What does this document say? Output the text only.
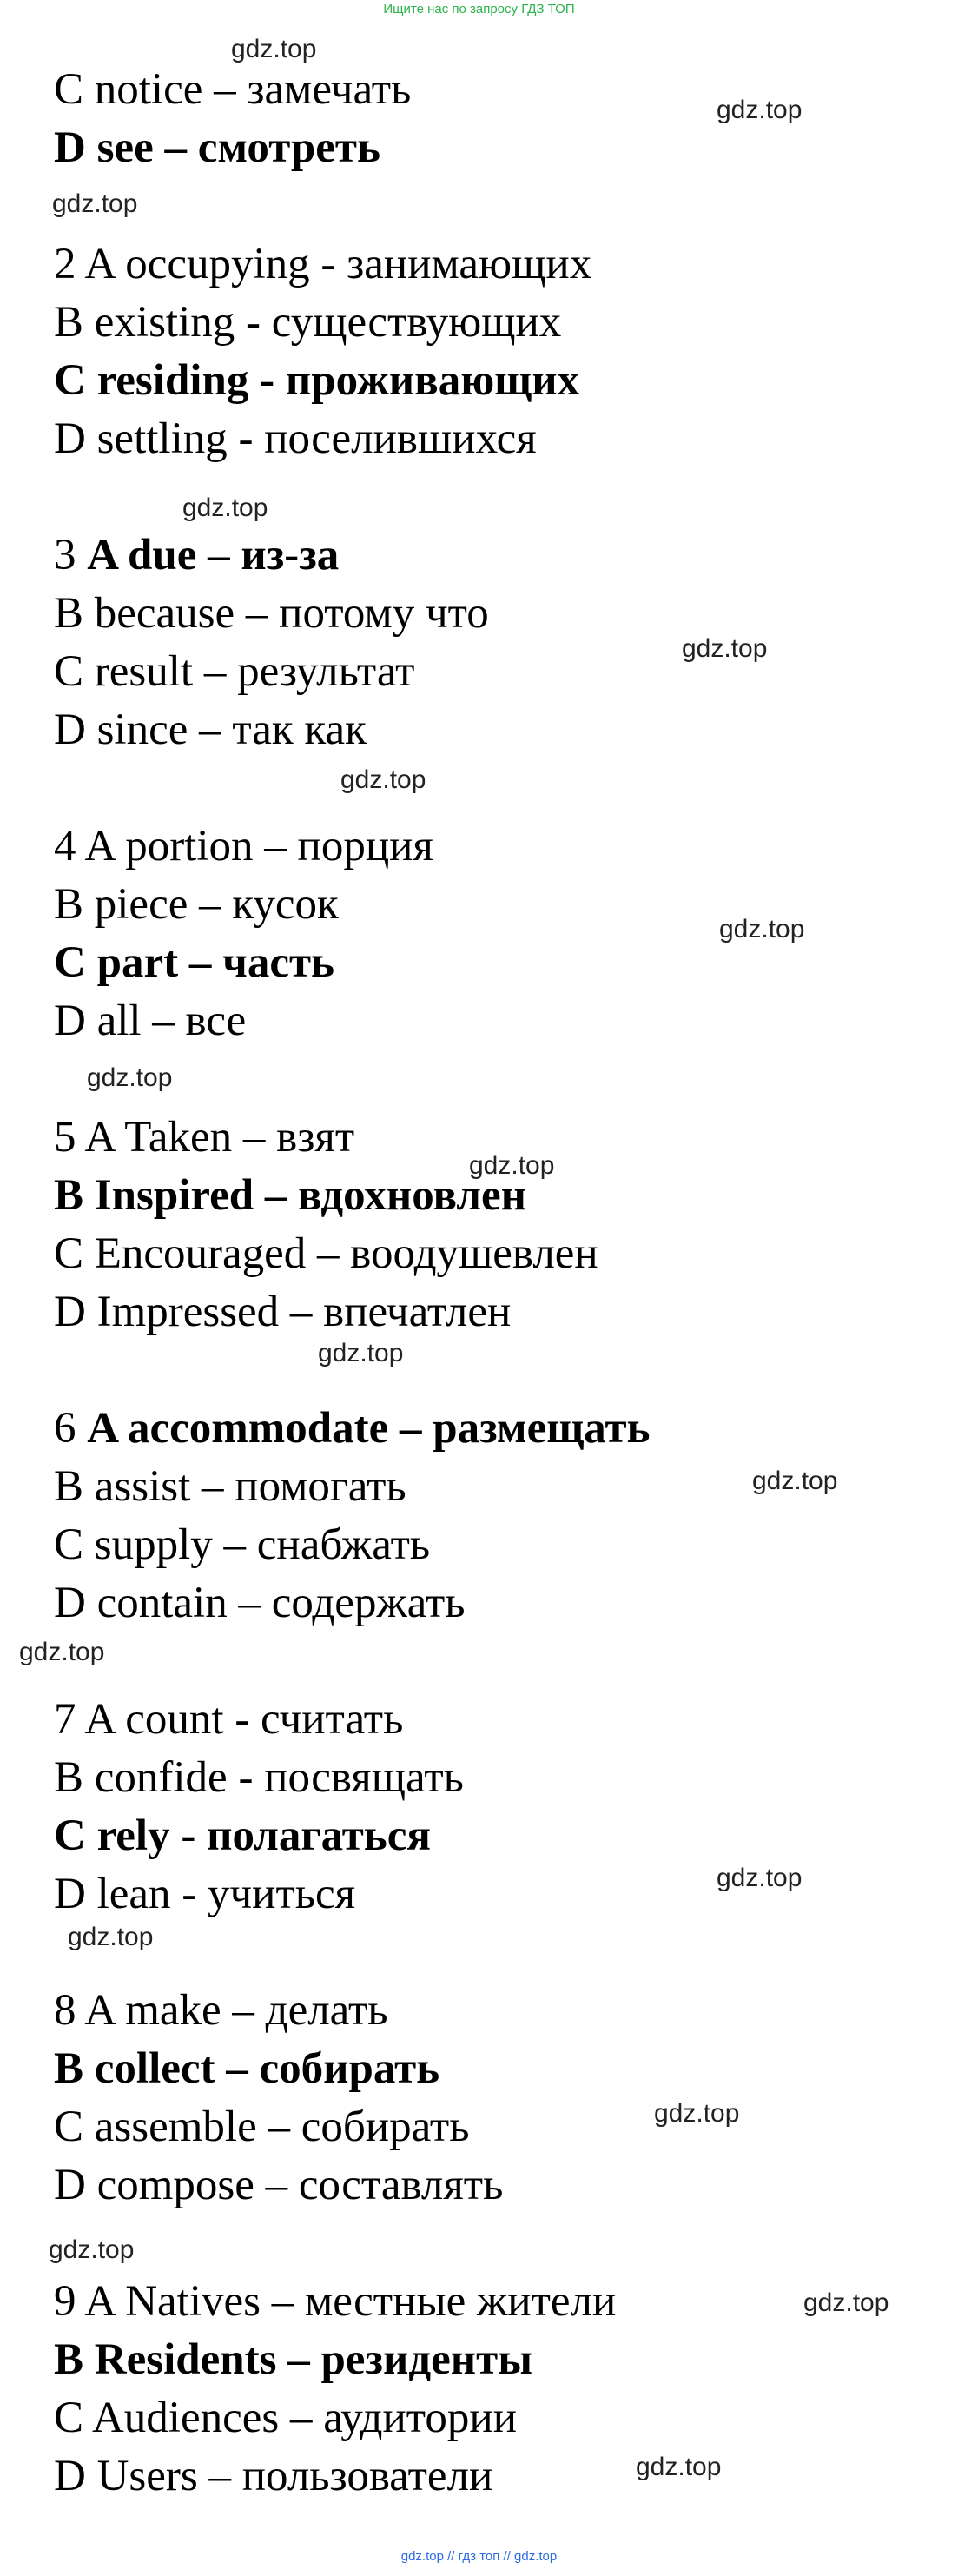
Ищите нас по запросу ГДЗ ТОП
gdz.top
gdz.top
gdz.top
gdz.top
gdz.top
gdz.top
gdz.top
gdz.top
gdz.top
gdz.top
gdz.top
gdz.top
gdz.top
gdz.top
gdz.top
gdz.top
gdz.top
gdz.top
C notice – замечать
D see – смотреть
2 A occupying - занимающих
B existing - существующих
C residing - проживающих
D settling - поселившихся
3 A due – из-за
B because – потому что
C result – результат
D since – так как
4 A portion – порция
B piece – кусок
C part – часть
D all – все
5 A Taken – взят
B Inspired – вдохновлен
C Encouraged – воодушевлен
D Impressed – впечатлен
6 A accommodate – размещать
B assist – помогать
C supply – снабжать
D contain – содержать
7 A count - считать
B confide - посвящать
C rely - полагаться
D lean - учиться
8 A make – делать
B collect – собирать
C assemble – собирать
D compose – составлять
9 A Natives – местные жители
B Residents – резиденты
C Audiences – аудитории
D Users – пользователи
gdz.top // гдз топ // gdz.top
